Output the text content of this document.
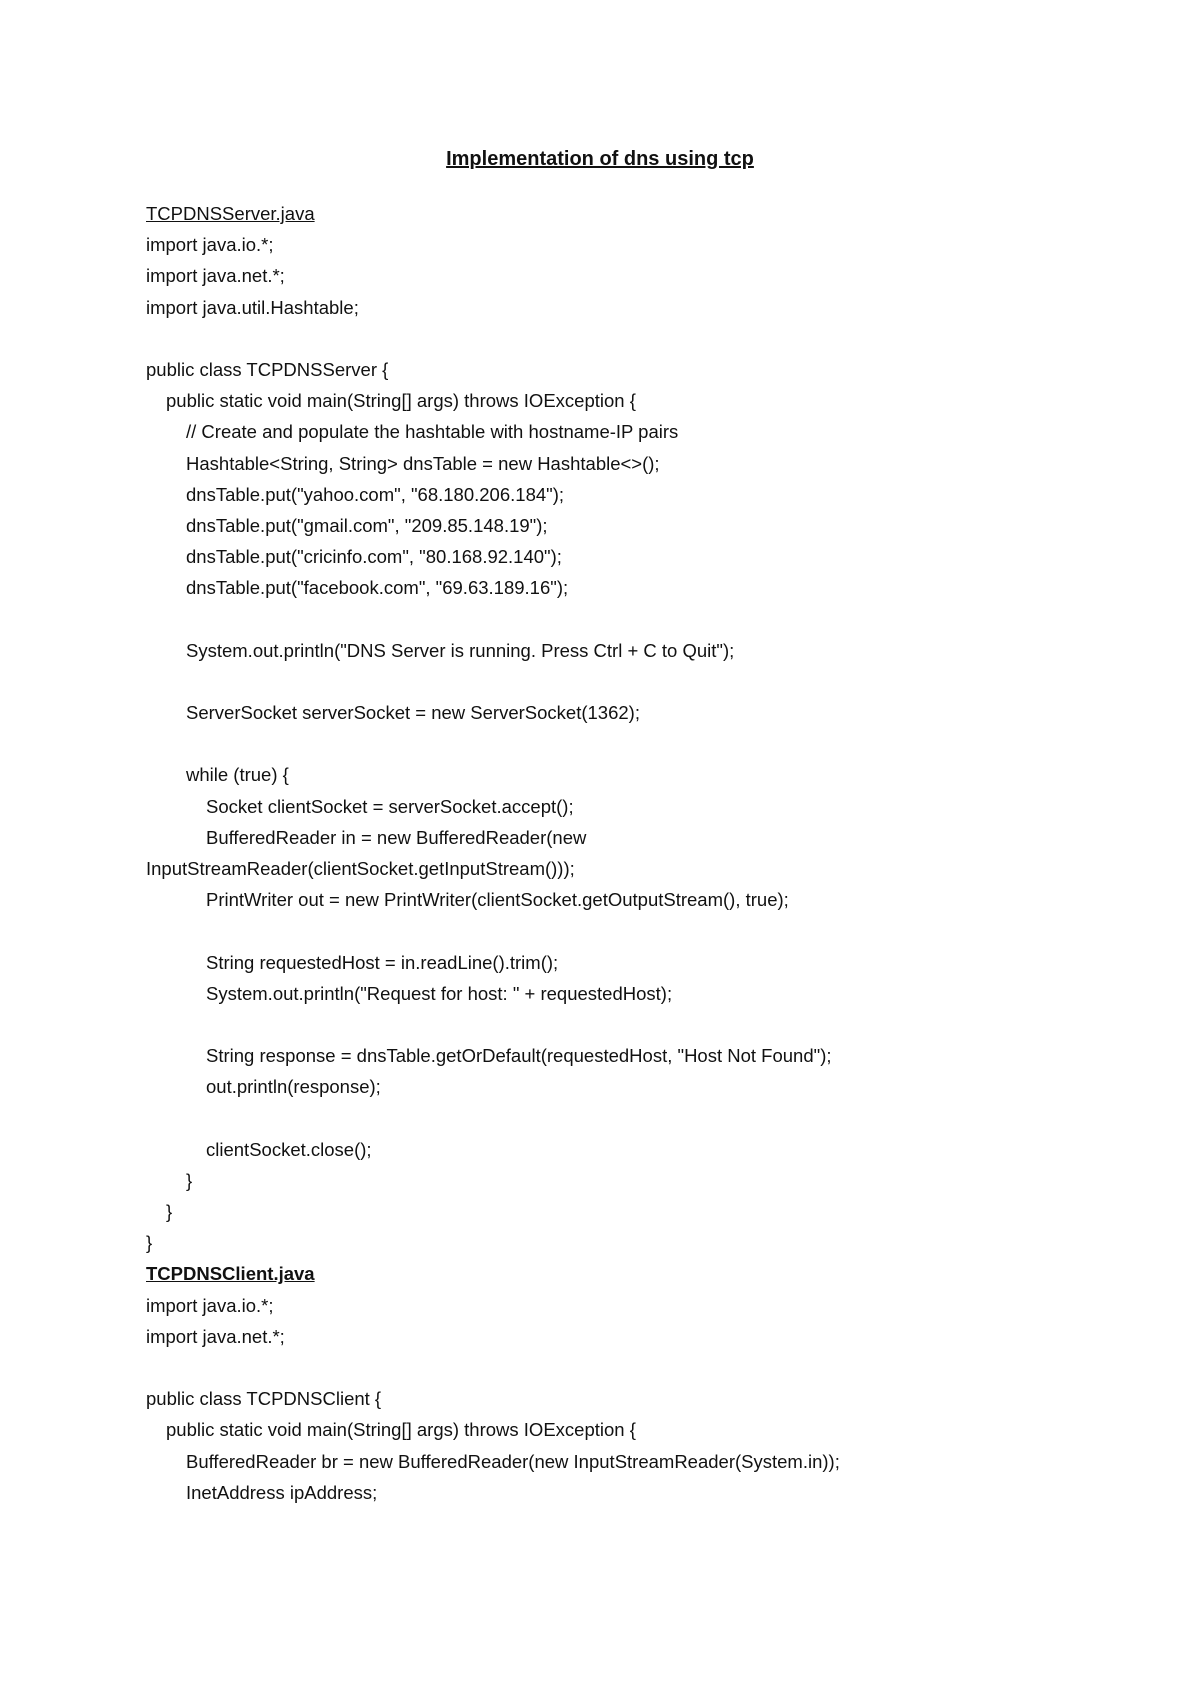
Implementation of dns using tcp
TCPDNSServer.java
import java.io.*;
import java.net.*;
import java.util.Hashtable;
public class TCPDNSServer {
public static void main(String[] args) throws IOException {
// Create and populate the hashtable with hostname-IP pairs
Hashtable<String, String> dnsTable = new Hashtable<>();
dnsTable.put("yahoo.com", "68.180.206.184");
dnsTable.put("gmail.com", "209.85.148.19");
dnsTable.put("cricinfo.com", "80.168.92.140");
dnsTable.put("facebook.com", "69.63.189.16");
System.out.println("DNS Server is running. Press Ctrl + C to Quit");
ServerSocket serverSocket = new ServerSocket(1362);
while (true) {
Socket clientSocket = serverSocket.accept();
BufferedReader in = new BufferedReader(new
InputStreamReader(clientSocket.getInputStream()));
PrintWriter out = new PrintWriter(clientSocket.getOutputStream(), true);
String requestedHost = in.readLine().trim();
System.out.println("Request for host: " + requestedHost);
String response = dnsTable.getOrDefault(requestedHost, "Host Not Found");
out.println(response);
clientSocket.close();
}
}
}
TCPDNSClient.java
import java.io.*;
import java.net.*;
public class TCPDNSClient {
public static void main(String[] args) throws IOException {
BufferedReader br = new BufferedReader(new InputStreamReader(System.in));
InetAddress ipAddress;
